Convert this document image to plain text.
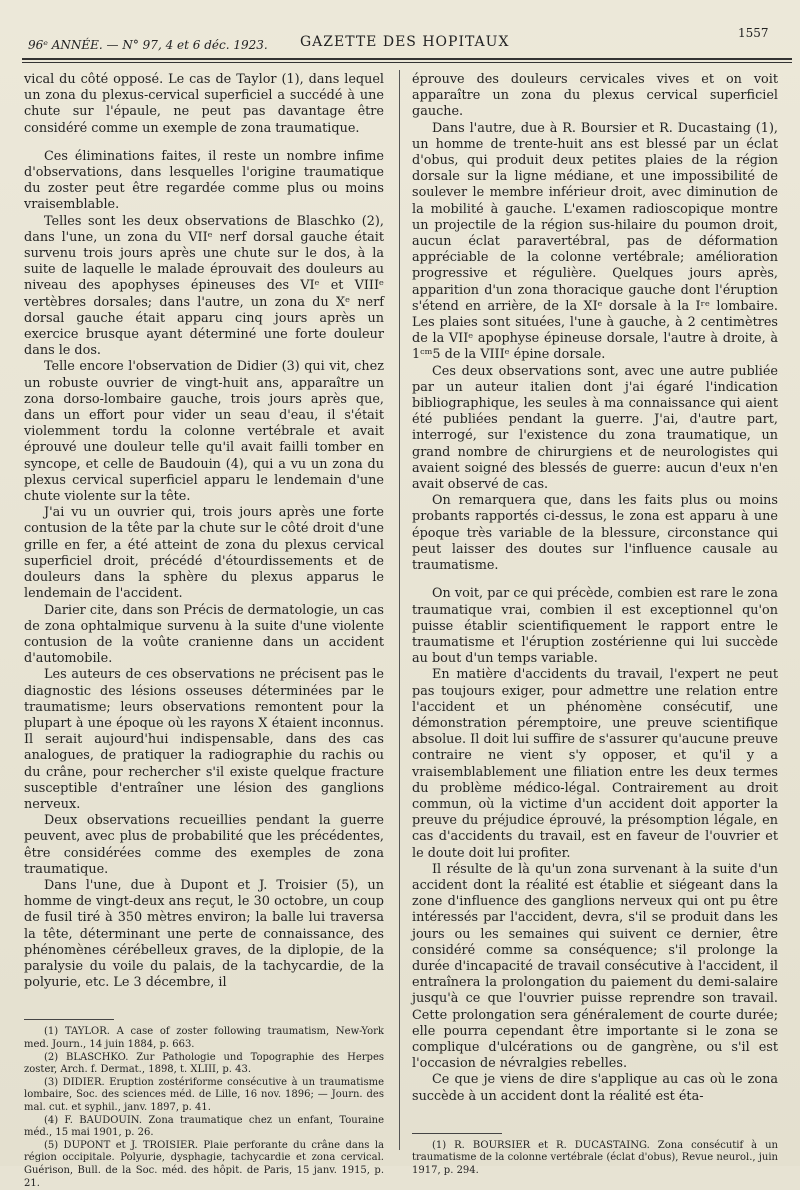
96ᵉ ANNÉE. — N° 97, 4 et 6 déc. 1923. GAZETTE DES HOPITAUX
1557

vical du côté opposé. Le cas de Taylor (1), dans lequel un zona du plexus-cervical superficiel a succédé à une chute sur l'épaule, ne peut pas davantage être considéré comme un exemple de zona traumatique.

Ces éliminations faites, il reste un nombre infime d'observations, dans lesquelles l'origine traumatique du zoster peut être regardée comme plus ou moins vraisemblable.

Telles sont les deux observations de Blaschko (2), dans l'une, un zona du VIIᵉ nerf dorsal gauche était survenu trois jours après une chute sur le dos, à la suite de laquelle le malade éprouvait des douleurs au niveau des apophyses épineuses des VIᵉ et VIIIᵉ vertèbres dorsales; dans l'autre, un zona du Xᵉ nerf dorsal gauche était apparu cinq jours après un exercice brusque ayant déterminé une forte douleur dans le dos.

Telle encore l'observation de Didier (3) qui vit, chez un robuste ouvrier de vingt-huit ans, apparaître un zona dorso-lombaire gauche, trois jours après que, dans un effort pour vider un seau d'eau, il s'était violemment tordu la colonne vertébrale et avait éprouvé une douleur telle qu'il avait failli tomber en syncope, et celle de Baudouin (4), qui a vu un zona du plexus cervical superficiel apparu le lendemain d'une chute violente sur la tête.

J'ai vu un ouvrier qui, trois jours après une forte contusion de la tête par la chute sur le côté droit d'une grille en fer, a été atteint de zona du plexus cervical superficiel droit, précédé d'étourdissements et de douleurs dans la sphère du plexus apparus le lendemain de l'accident.

Darier cite, dans son Précis de dermatologie, un cas de zona ophtalmique survenu à la suite d'une violente contusion de la voûte cranienne dans un accident d'automobile.

Les auteurs de ces observations ne précisent pas le diagnostic des lésions osseuses déterminées par le traumatisme; leurs observations remontent pour la plupart à une époque où les rayons X étaient inconnus. Il serait aujourd'hui indispensable, dans des cas analogues, de pratiquer la radiographie du rachis ou du crâne, pour rechercher s'il existe quelque fracture susceptible d'entraîner une lésion des ganglions nerveux.

Deux observations recueillies pendant la guerre peuvent, avec plus de probabilité que les précédentes, être considérées comme des exemples de zona traumatique.

Dans l'une, due à Dupont et J. Troisier (5), un homme de vingt-deux ans reçut, le 30 octobre, un coup de fusil tiré à 350 mètres environ; la balle lui traversa la tête, déterminant une perte de connaissance, des phénomènes cérébelleux graves, de la diplopie, de la paralysie du voile du palais, de la tachycardie, de la polyurie, etc. Le 3 décembre, il

(1) TAYLOR. A case of zoster following traumatism, New-York med. Journ., 14 juin 1884, p. 663.

(2) BLASCHKO. Zur Pathologie und Topographie des Herpes zoster, Arch. f. Dermat., 1898, t. XLIII, p. 43.

(3) DIDIER. Eruption zostériforme consécutive à un traumatisme lombaire, Soc. des sciences méd. de Lille, 16 nov. 1896; — Journ. des mal. cut. et syphil., janv. 1897, p. 41.

(4) F. BAUDOUIN. Zona traumatique chez un enfant, Touraine méd., 15 mai 1901, p. 26.

(5) DUPONT et J. TROISIER. Plaie perforante du crâne dans la région occipitale. Polyurie, dysphagie, tachycardie et zona cervical. Guérison, Bull. de la Soc. méd. des hôpit. de Paris, 15 janv. 1915, p. 21.

éprouve des douleurs cervicales vives et on voit apparaître un zona du plexus cervical superficiel gauche.

Dans l'autre, due à R. Boursier et R. Ducastaing (1), un homme de trente-huit ans est blessé par un éclat d'obus, qui produit deux petites plaies de la région dorsale sur la ligne médiane, et une impossibilité de soulever le membre inférieur droit, avec diminution de la mobilité à gauche. L'examen radioscopique montre un projectile de la région sus-hilaire du poumon droit, aucun éclat paravertébral, pas de déformation appréciable de la colonne vertébrale; amélioration progressive et régulière. Quelques jours après, apparition d'un zona thoracique gauche dont l'éruption s'étend en arrière, de la XIᵉ dorsale à la Iʳᵉ lombaire. Les plaies sont situées, l'une à gauche, à 2 centimètres de la VIIᵉ apophyse épineuse dorsale, l'autre à droite, à 1ᶜᵐ5 de la VIIIᵉ épine dorsale.

Ces deux observations sont, avec une autre publiée par un auteur italien dont j'ai égaré l'indication bibliographique, les seules à ma connaissance qui aient été publiées pendant la guerre. J'ai, d'autre part, interrogé, sur l'existence du zona traumatique, un grand nombre de chirurgiens et de neurologistes qui avaient soigné des blessés de guerre: aucun d'eux n'en avait observé de cas.

On remarquera que, dans les faits plus ou moins probants rapportés ci-dessus, le zona est apparu à une époque très variable de la blessure, circonstance qui peut laisser des doutes sur l'influence causale au traumatisme.

On voit, par ce qui précède, combien est rare le zona traumatique vrai, combien il est exceptionnel qu'on puisse établir scientifiquement le rapport entre le traumatisme et l'éruption zostérienne qui lui succède au bout d'un temps variable.

En matière d'accidents du travail, l'expert ne peut pas toujours exiger, pour admettre une relation entre l'accident et un phénomène consécutif, une démonstration péremptoire, une preuve scientifique absolue. Il doit lui suffire de s'assurer qu'aucune preuve contraire ne vient s'y opposer, et qu'il y a vraisemblablement une filiation entre les deux termes du problème médico-légal. Contrairement au droit commun, où la victime d'un accident doit apporter la preuve du préjudice éprouvé, la présomption légale, en cas d'accidents du travail, est en faveur de l'ouvrier et le doute doit lui profiter.

Il résulte de là qu'un zona survenant à la suite d'un accident dont la réalité est établie et siégeant dans la zone d'influence des ganglions nerveux qui ont pu être intéressés par l'accident, devra, s'il se produit dans les jours ou les semaines qui suivent ce dernier, être considéré comme sa conséquence; s'il prolonge la durée d'incapacité de travail consécutive à l'accident, il entraînera la prolongation du paiement du demi-salaire jusqu'à ce que l'ouvrier puisse reprendre son travail. Cette prolongation sera généralement de courte durée; elle pourra cependant être importante si le zona se complique d'ulcérations ou de gangrène, ou s'il est l'occasion de névralgies rebelles.

Ce que je viens de dire s'applique au cas où le zona succède à un accident dont la réalité est éta-

(1) R. BOURSIER et R. DUCASTAING. Zona consécutif à un traumatisme de la colonne vertébrale (éclat d'obus), Revue neurol., juin 1917, p. 294.
